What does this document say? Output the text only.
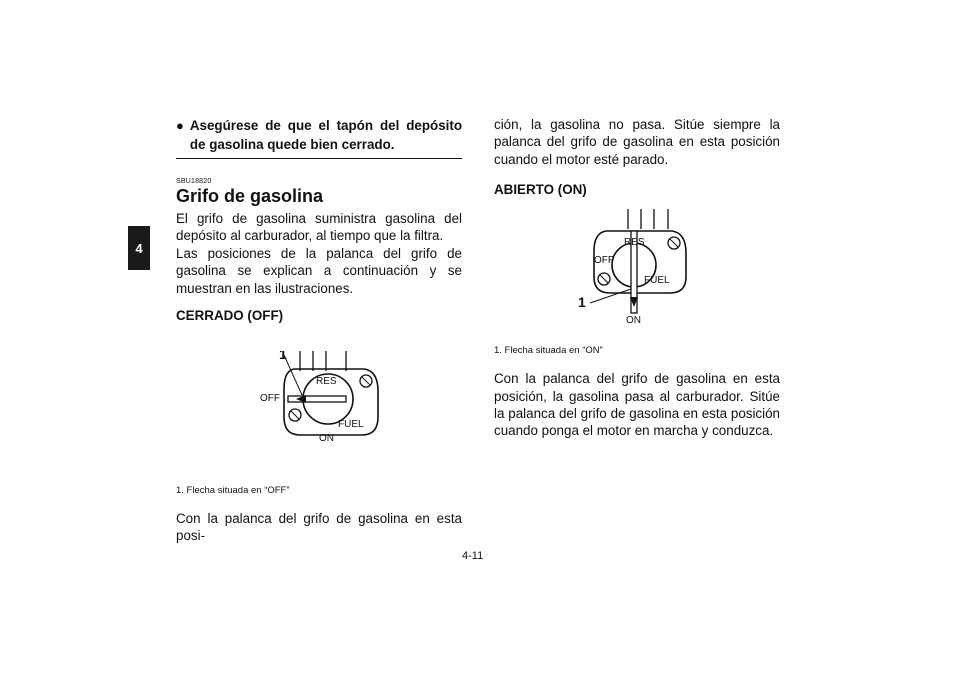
4
● Asegúrese de que el tapón del depósito de gasolina quede bien cerrado.
SBU18820
Grifo de gasolina

El grifo de gasolina suministra gasolina del depósito al carburador, al tiempo que la filtra.

Las posiciones de la palanca del grifo de gasolina se explican a continuación y se muestran en las ilustraciones.

CERRADO (OFF)
1
RES
OFF
FUEL
ON

1. Flecha situada en “OFF”

Con la palanca del grifo de gasolina en esta posi-

ción, la gasolina no pasa. Sitúe siempre la palanca del grifo de gasolina en esta posición cuando el motor esté parado.

ABIERTO (ON)
1
RES
OFF
FUEL
ON

1. Flecha situada en “ON”

Con la palanca del grifo de gasolina en esta posición, la gasolina pasa al carburador. Sitúe la palanca del grifo de gasolina en esta posición cuando ponga el motor en marcha y conduzca.

4-11
